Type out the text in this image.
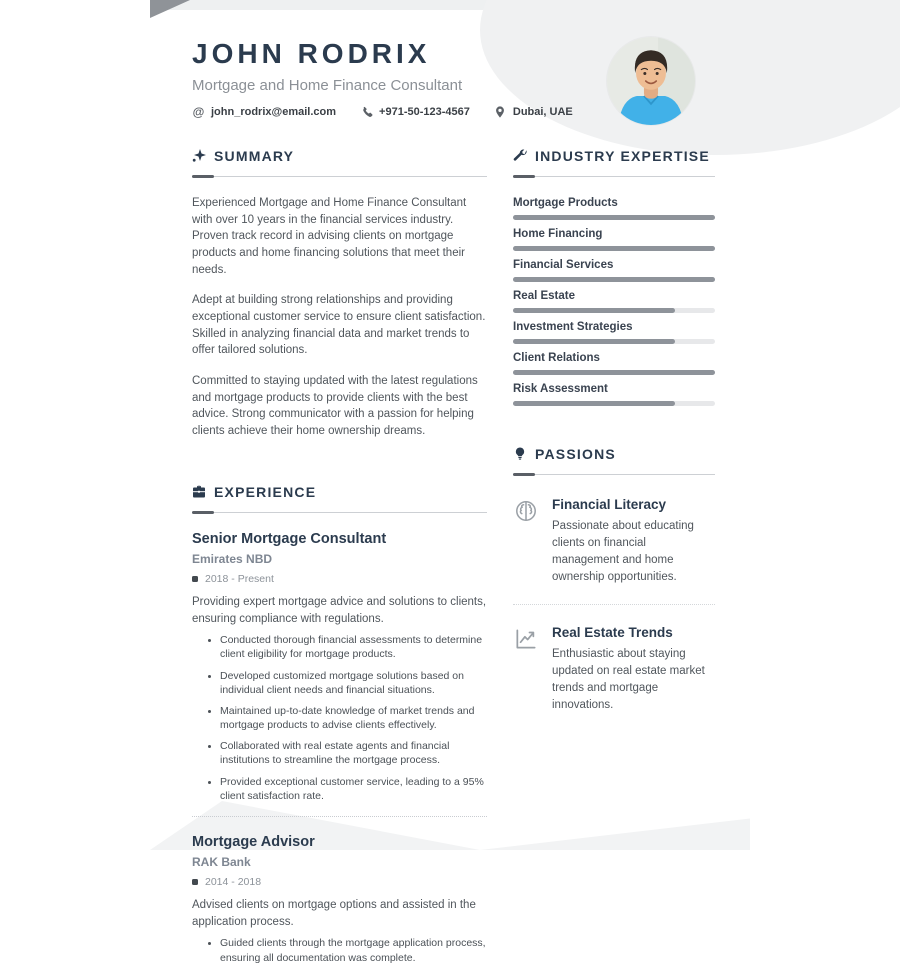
JOHN RODRIX
Mortgage and Home Finance Consultant
@ john_rodrix@email.com	+971-50-123-4567	Dubai, UAE
SUMMARY

Experienced Mortgage and Home Finance Consultant with over 10 years in the financial services industry. Proven track record in advising clients on mortgage products and home financing solutions that meet their needs.

Adept at building strong relationships and providing exceptional customer service to ensure client satisfaction. Skilled in analyzing financial data and market trends to offer tailored solutions.

Committed to staying updated with the latest regulations and mortgage products to provide clients with the best advice. Strong communicator with a passion for helping clients achieve their home ownership dreams.

EXPERIENCE
Senior Mortgage Consultant
Emirates NBD
2018 - Present
Providing expert mortgage advice and solutions to clients, ensuring compliance with regulations.
• Conducted thorough financial assessments to determine client eligibility for mortgage products.
• Developed customized mortgage solutions based on individual client needs and financial situations.
• Maintained up-to-date knowledge of market trends and mortgage products to advise clients effectively.
• Collaborated with real estate agents and financial institutions to streamline the mortgage process.
• Provided exceptional customer service, leading to a 95% client satisfaction rate.
Mortgage Advisor
RAK Bank
2014 - 2018
Advised clients on mortgage options and assisted in the application process.
• Guided clients through the mortgage application process, ensuring all documentation was complete.
INDUSTRY EXPERTISE
Mortgage Products
Home Financing
Financial Services
Real Estate
Investment Strategies
Client Relations
Risk Assessment
PASSIONS
Financial Literacy
Passionate about educating clients on financial management and home ownership opportunities.
Real Estate Trends
Enthusiastic about staying updated on real estate market trends and mortgage innovations.
